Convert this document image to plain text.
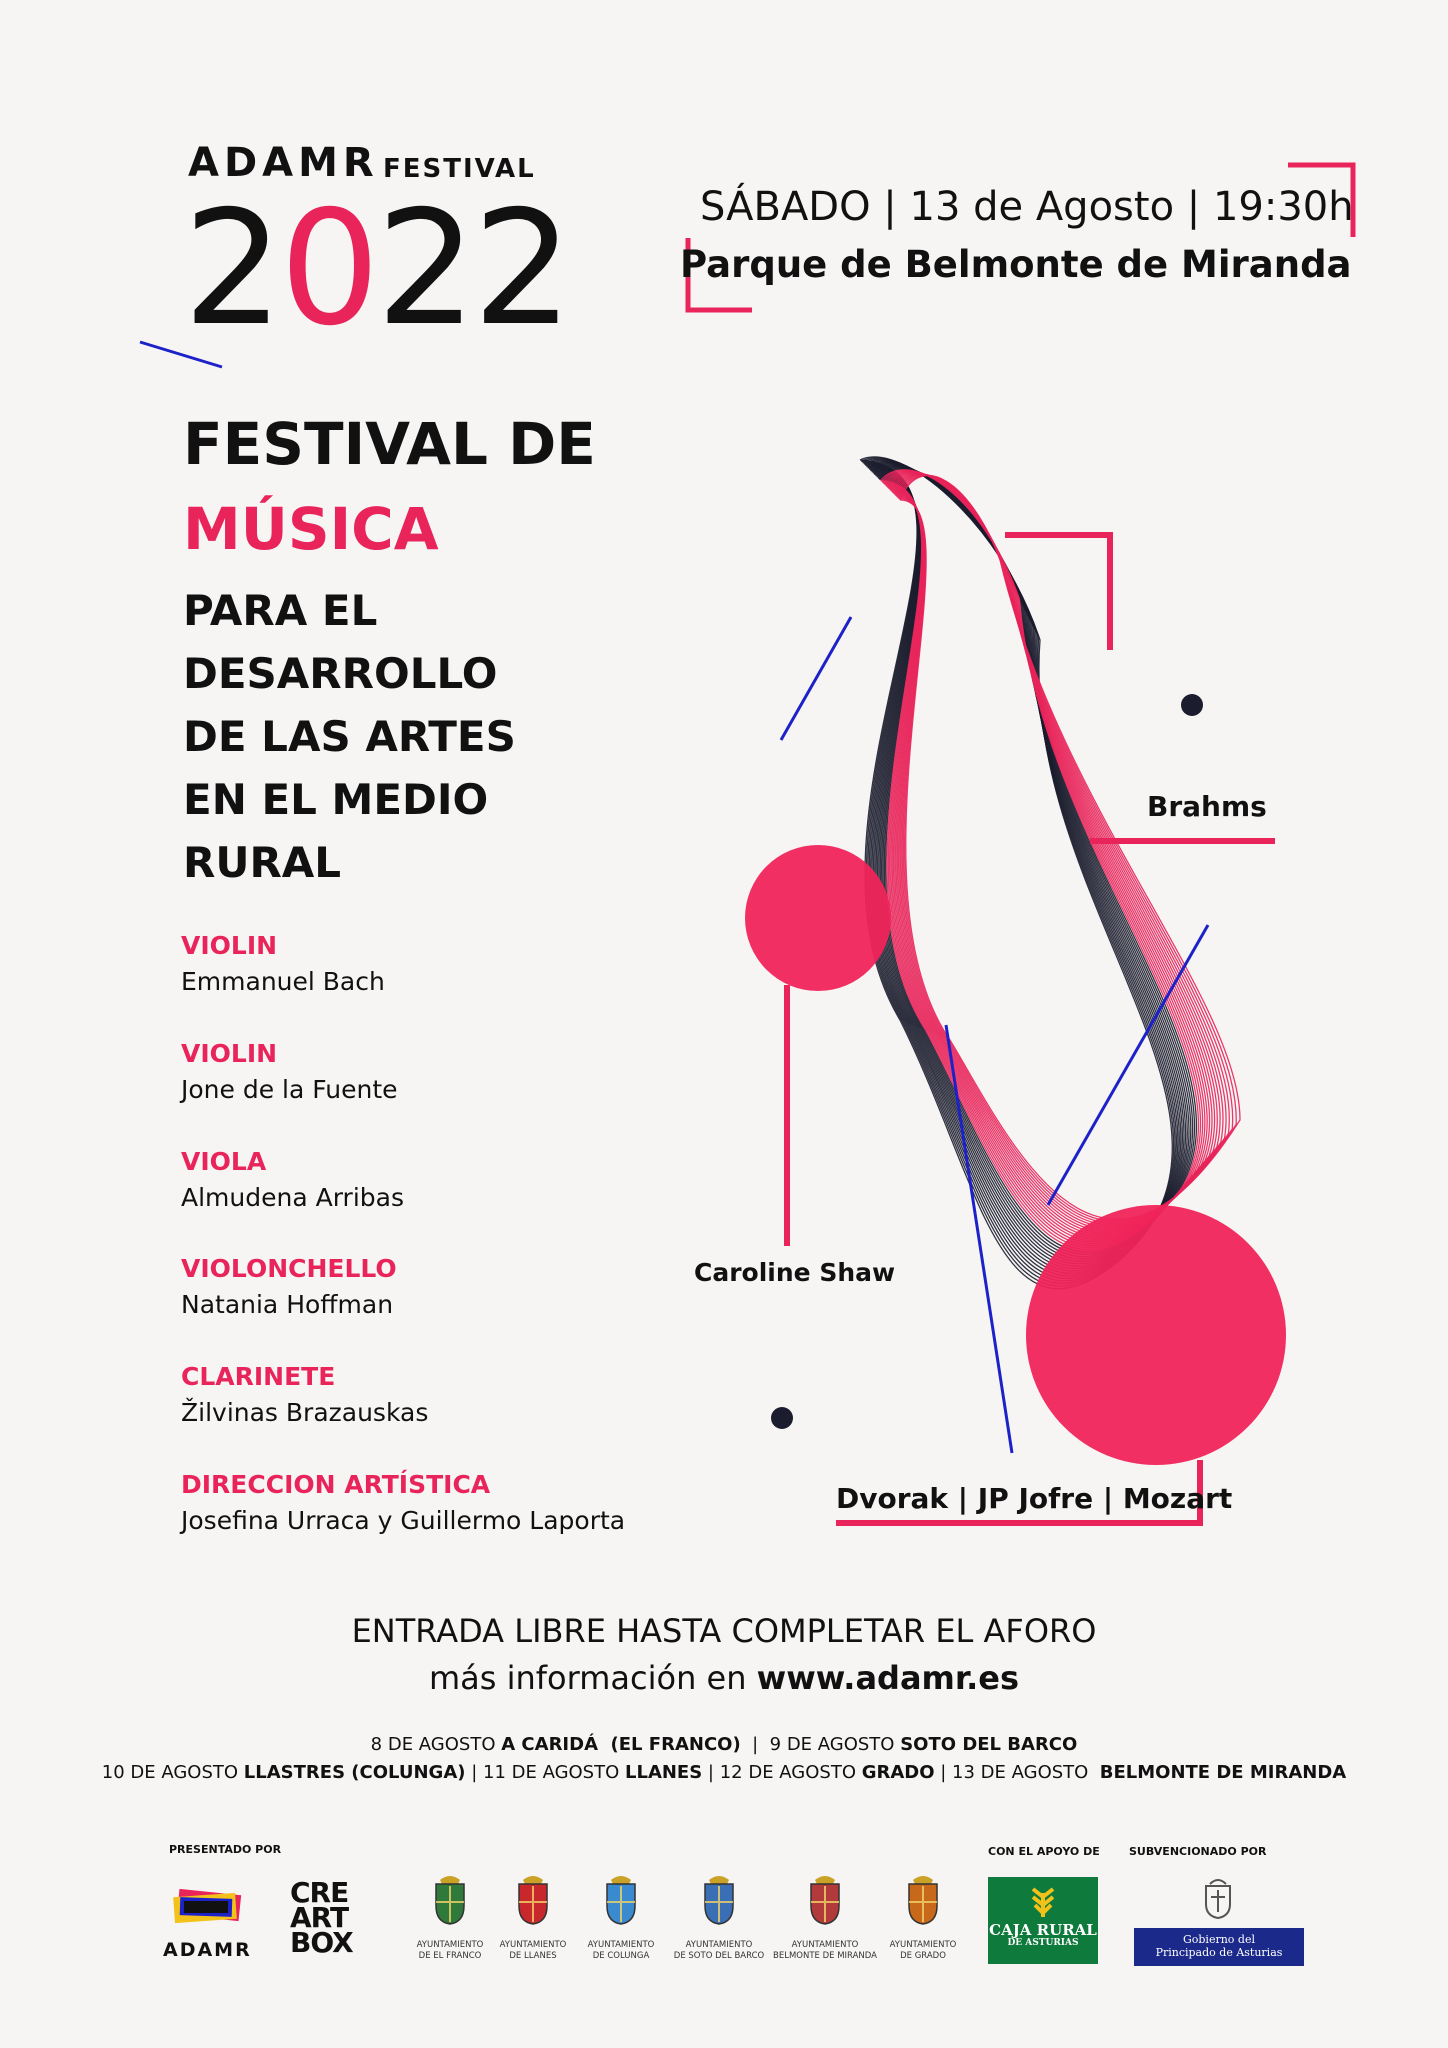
ADAMR FESTIVAL
2022	SÁBADO | 13 de Agosto | 19:30h
Parque de Belmonte de Miranda
FESTIVAL DE
MÚSICA
PARA EL
DESARROLLO
DE LAS ARTES
EN EL MEDIO
RURAL
VIOLIN
Emmanuel Bach
VIOLIN
Jone de la Fuente
VIOLA
Almudena Arribas
VIOLONCHELLO
Natania Hoffman
CLARINETE
Žilvinas Brazauskas
DIRECCION ARTÍSTICA
Josefina Urraca y Guillermo Laporta
Brahms
Caroline Shaw
Dvorak | JP Jofre | Mozart
ENTRADA LIBRE HASTA COMPLETAR EL AFORO
más información en www.adamr.es
8 DE AGOSTO A CARIDÁ  (EL FRANCO)  |  9 DE AGOSTO SOTO DEL BARCO
10 DE AGOSTO LLASTRES (COLUNGA) | 11 DE AGOSTO LLANES | 12 DE AGOSTO GRADO | 13 DE AGOSTO  BELMONTE DE MIRANDA
PRESENTADO POR	CON EL APOYO DE	SUBVENCIONADO POR
ADAMR
CRE
ART
BOX	AYUNTAMIENTO
DE EL FRANCO
AYUNTAMIENTO
DE LLANES
AYUNTAMIENTO
DE COLUNGA
AYUNTAMIENTO
DE SOTO DEL BARCO
AYUNTAMIENTO
BELMONTE DE MIRANDA
AYUNTAMIENTO
DE GRADO
CAJA RURAL
DE ASTURIAS	Gobierno del
Principado de Asturias
